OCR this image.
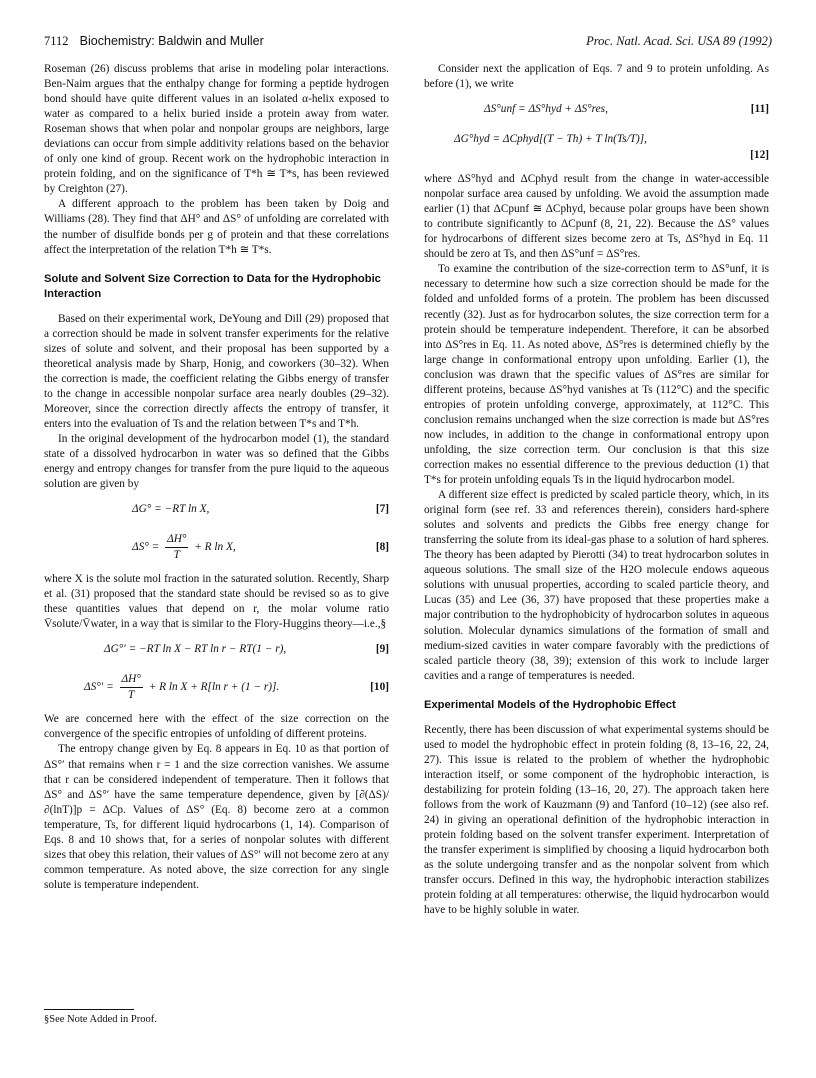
7112 Biochemistry: Baldwin and Muller	Proc. Natl. Acad. Sci. USA 89 (1992)

Roseman (26) discuss problems that arise in modeling polar interactions. Ben-Naim argues that the enthalpy change for forming a peptide hydrogen bond should have quite different values in an isolated α-helix exposed to water as compared to a helix buried inside a protein away from water. Roseman shows that when polar and nonpolar groups are neighbors, large deviations can occur from simple additivity relations based on the behavior of only one kind of group. Recent work on the hydrophobic interaction in protein folding, and on the significance of T*h ≅ T*s, has been reviewed by Creighton (27).

A different approach to the problem has been taken by Doig and Williams (28). They find that ΔH° and ΔS° of unfolding are correlated with the number of disulfide bonds per g of protein and that these correlations affect the interpretation of the relation T*h ≅ T*s.

Solute and Solvent Size Correction to Data for the Hydrophobic Interaction

Based on their experimental work, DeYoung and Dill (29) proposed that a correction should be made in solvent transfer experiments for the relative sizes of solute and solvent, and their proposal has been supported by a theoretical analysis made by Sharp, Honig, and coworkers (30–32). When the correction is made, the coefficient relating the Gibbs energy of transfer to the change in accessible nonpolar surface area nearly doubles (29–32). Moreover, since the correction directly affects the entropy of transfer, it enters into the evaluation of Ts and the relation between T*s and T*h.

In the original development of the hydrocarbon model (1), the standard state of a dissolved hydrocarbon in water was so defined that the Gibbs energy and entropy changes for transfer from the pure liquid to the aqueous solution are given by

ΔG° = −RT ln X,	[7]
$\Delta S^\circ = \frac{\Delta H^\circ}{T} + R$ ln X,	[8]

where X is the solute mol fraction in the saturated solution. Recently, Sharp et al. (31) proposed that the standard state should be revised so as to give these quantities values that depend on r, the molar volume ratio V̄solute/V̄water, in a way that is similar to the Flory-Huggins theory—i.e.,§

ΔG°′ = −RT ln X − RT ln r − RT(1 − r),	[9]
$\Delta S^\circ' = \frac{\Delta H^\circ}{T} + R$ ln X + R[ln r + (1 − r)].	[10]

We are concerned here with the effect of the size correction on the convergence of the specific entropies of unfolding of different proteins.

The entropy change given by Eq. 8 appears in Eq. 10 as that portion of ΔS°′ that remains when r = 1 and the size correction vanishes. We assume that r can be considered independent of temperature. Then it follows that ΔS° and ΔS°′ have the same temperature dependence, given by [∂(ΔS)/∂(lnT)]p = ΔCp. Values of ΔS° (Eq. 8) become zero at a common temperature, Ts, for different liquid hydrocarbons (1, 14). Comparison of Eqs. 8 and 10 shows that, for a series of nonpolar solutes with different sizes that obey this relation, their values of ΔS°′ will not become zero at any common temperature. As noted above, the size correction for any single solute is temperature independent.

§See Note Added in Proof.

Consider next the application of Eqs. 7 and 9 to protein unfolding. As before (1), we write

ΔS°unf = ΔS°hyd + ΔS°res,	[11]
ΔG°hyd = ΔCphyd[(T − Th) + T ln(Ts/T)],
[12]

where ΔS°hyd and ΔCphyd result from the change in water-accessible nonpolar surface area caused by unfolding. We avoid the assumption made earlier (1) that ΔCpunf ≅ ΔCphyd, because polar groups have been shown to contribute significantly to ΔCpunf (8, 21, 22). Because the ΔS° values for hydrocarbons of different sizes become zero at Ts, ΔS°hyd in Eq. 11 should be zero at Ts, and then ΔS°unf = ΔS°res.

To examine the contribution of the size-correction term to ΔS°unf, it is necessary to determine how such a size correction should be made for the folded and unfolded forms of a protein. The problem has been discussed recently (32). Just as for hydrocarbon solutes, the size correction term for a protein should be temperature independent. Therefore, it can be absorbed into ΔS°res in Eq. 11. As noted above, ΔS°res is determined chiefly by the large change in conformational entropy upon unfolding. Earlier (1), the conclusion was drawn that the specific values of ΔS°res are similar for different proteins, because ΔS°hyd vanishes at Ts (112°C) and the specific entropies of protein unfolding converge, approximately, at 112°C. This conclusion remains unchanged when the size correction is made but ΔS°res now includes, in addition to the change in conformational entropy upon unfolding, the size correction term. Our conclusion is that this size correction makes no essential difference to the previous deduction (1) that T*s for protein unfolding equals Ts in the liquid hydrocarbon model.

A different size effect is predicted by scaled particle theory, which, in its original form (see ref. 33 and references therein), considers hard-sphere solutes and solvents and predicts the Gibbs free energy change for transferring the solute from its ideal-gas phase to a solution of hard spheres. The theory has been adapted by Pierotti (34) to treat hydrocarbon solutes in aqueous solutions. The small size of the H2O molecule endows aqueous solutions with unusual properties, according to scaled particle theory, and Lucas (35) and Lee (36, 37) have proposed that these properties make a major contribution to the hydrophobicity of hydrocarbon solutes in aqueous solution. Molecular dynamics simulations of the formation of small and medium-sized cavities in water compare favorably with the predictions of scaled particle theory (38, 39); extension of this work to include larger cavities and a range of temperatures is needed.

Experimental Models of the Hydrophobic Effect

Recently, there has been discussion of what experimental systems should be used to model the hydrophobic effect in protein folding (8, 13–16, 22, 24, 27). This issue is related to the problem of whether the hydrophobic interaction itself, or some component of the hydrophobic interaction, is destabilizing for protein folding (13–16, 20, 27). The approach taken here follows from the work of Kauzmann (9) and Tanford (10–12) (see also ref. 24) in giving an operational definition of the hydrophobic interaction in protein folding based on the solvent transfer experiment. Interpretation of the transfer experiment is simplified by choosing a liquid hydrocarbon both as the solute undergoing transfer and as the nonpolar solvent from which transfer occurs. Defined in this way, the hydrophobic interaction stabilizes protein folding at all temperatures: otherwise, the liquid hydrocarbon would have to be highly soluble in water.
